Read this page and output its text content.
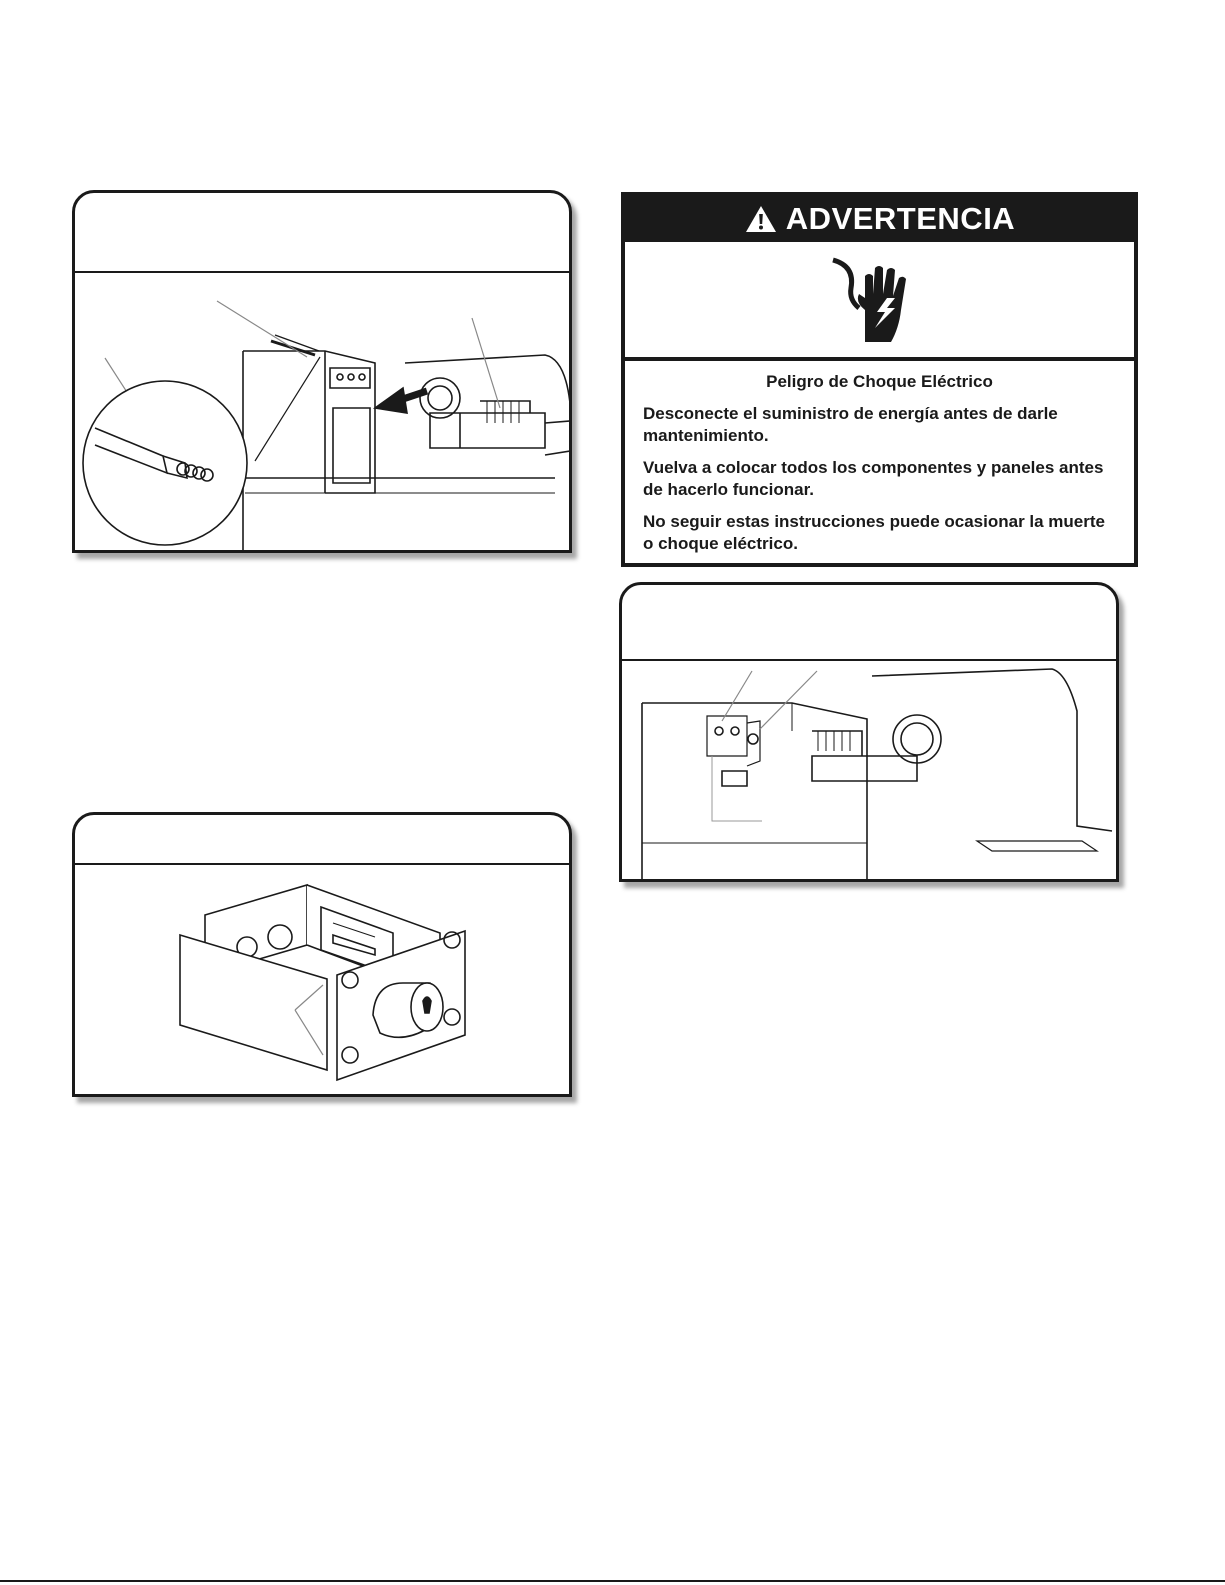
ADVERTENCIA

Peligro de Choque Eléctrico

Desconecte el suministro de energía antes de darle mantenimiento.

Vuelva a colocar todos los componentes y paneles antes de hacerlo funcionar.

No seguir estas instrucciones puede ocasionar la muerte o choque eléctrico.
